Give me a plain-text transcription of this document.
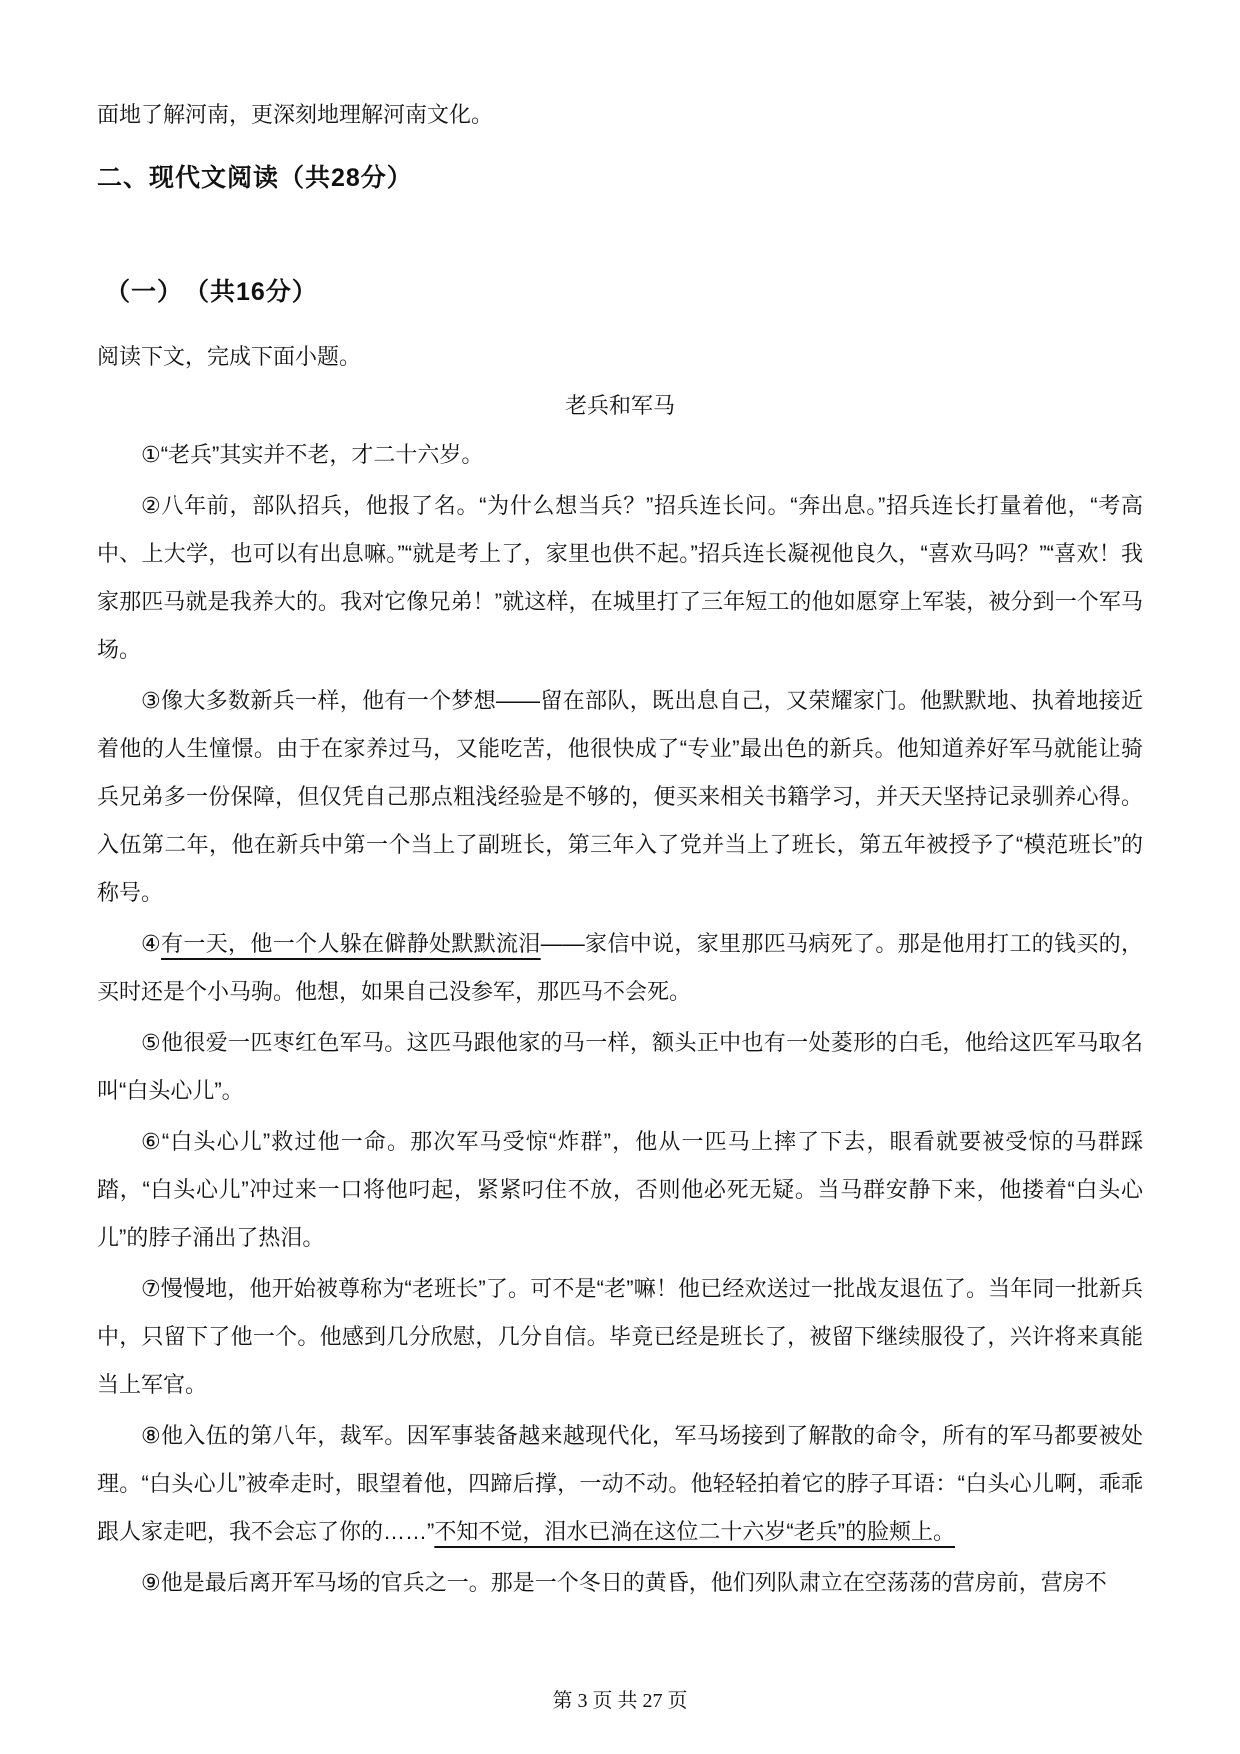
面地了解河南，更深刻地理解河南文化。

二、现代文阅读（共28分）
（一）　（共16分）

阅读下文，完成下面小题。

老兵和军马

①“老兵”其实并不老，才二十六岁。

②八年前，部队招兵，他报了名。“为什么想当兵？”招兵连长问。“奔出息。”招兵连长打量着他，“考高中、上大学，也可以有出息嘛。”“就是考上了，家里也供不起。”招兵连长凝视他良久，“喜欢马吗？”“喜欢！我家那匹马就是我养大的。我对它像兄弟！”就这样，在城里打了三年短工的他如愿穿上军装，被分到一个军马场。

③像大多数新兵一样，他有一个梦想——留在部队，既出息自己，又荣耀家门。他默默地、执着地接近着他的人生憧憬。由于在家养过马，又能吃苦，他很快成了“专业”最出色的新兵。他知道养好军马就能让骑兵兄弟多一份保障，但仅凭自己那点粗浅经验是不够的，便买来相关书籍学习，并天天坚持记录驯养心得。入伍第二年，他在新兵中第一个当上了副班长，第三年入了党并当上了班长，第五年被授予了“模范班长”的称号。

④有一天，他一个人躲在僻静处默默流泪——家信中说，家里那匹马病死了。那是他用打工的钱买的，买时还是个小马驹。他想，如果自己没参军，那匹马不会死。

⑤他很爱一匹枣红色军马。这匹马跟他家的马一样，额头正中也有一处菱形的白毛，他给这匹军马取名叫“白头心儿”。

⑥“白头心儿”救过他一命。那次军马受惊“炸群”，他从一匹马上摔了下去，眼看就要被受惊的马群踩踏，“白头心儿”冲过来一口将他叼起，紧紧叼住不放，否则他必死无疑。当马群安静下来，他搂着“白头心儿”的脖子涌出了热泪。

⑦慢慢地，他开始被尊称为“老班长”了。可不是“老”嘛！他已经欢送过一批战友退伍了。当年同一批新兵中，只留下了他一个。他感到几分欣慰，几分自信。毕竟已经是班长了，被留下继续服役了，兴许将来真能当上军官。

⑧他入伍的第八年，裁军。因军事装备越来越现代化，军马场接到了解散的命令，所有的军马都要被处理。“白头心儿”被牵走时，眼望着他，四蹄后撑，一动不动。他轻轻拍着它的脖子耳语：“白头心儿啊，乖乖跟人家走吧，我不会忘了你的……”不知不觉，泪水已淌在这位二十六岁“老兵”的脸颊上。

⑨他是最后离开军马场的官兵之一。那是一个冬日的黄昏，他们列队肃立在空荡荡的营房前，营房不

第 3 页 共 27 页
